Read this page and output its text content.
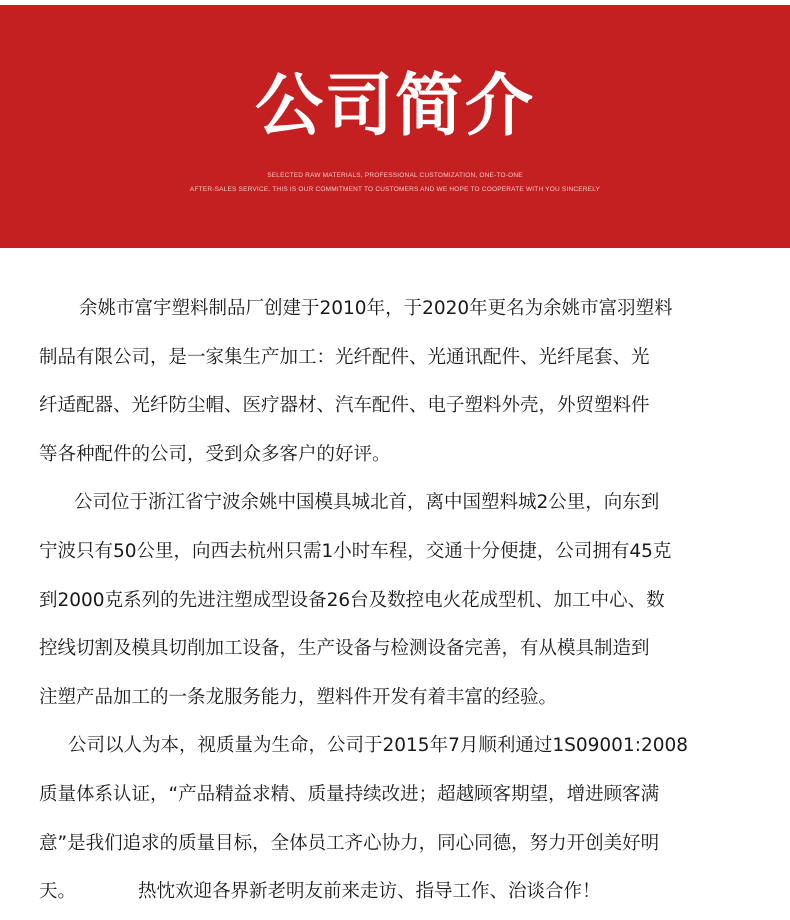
公司简介
SELECTED RAW MATERIALS, PROFESSIONAL CUSTOMIZATION, ONE-TO-ONE
AFTER-SALES SERVICE. THIS IS OUR COMMITMENT TO CUSTOMERS AND WE HOPE TO COOPERATE WITH YOU SINCERELY

余姚市富宇塑料制品厂创建于2010年，于2020年更名为余姚市富羽塑料
制品有限公司，是一家集生产加工：光纤配件、光通讯配件、光纤尾套、光
纤适配器、光纤防尘帽、医疗器材、汽车配件、电子塑料外壳，外贸塑料件
等各种配件的公司，受到众多客户的好评。

公司位于浙江省宁波余姚中国模具城北首，离中国塑料城2公里，向东到
宁波只有50公里，向西去杭州只需1小时车程，交通十分便捷，公司拥有45克
到2000克系列的先进注塑成型设备26台及数控电火花成型机、加工中心、数
控线切割及模具切削加工设备，生产设备与检测设备完善，有从模具制造到
注塑产品加工的一条龙服务能力，塑料件开发有着丰富的经验。

公司以人为本，视质量为生命，公司于2015年7月顺利通过1S09001:2008
质量体系认证，“产品精益求精、质量持续改进；超越顾客期望，增进顾客满
意”是我们追求的质量目标，全体员工齐心协力，同心同德，努力开创美好明
天。	热忱欢迎各界新老明友前来走访、指导工作、治谈合作！
